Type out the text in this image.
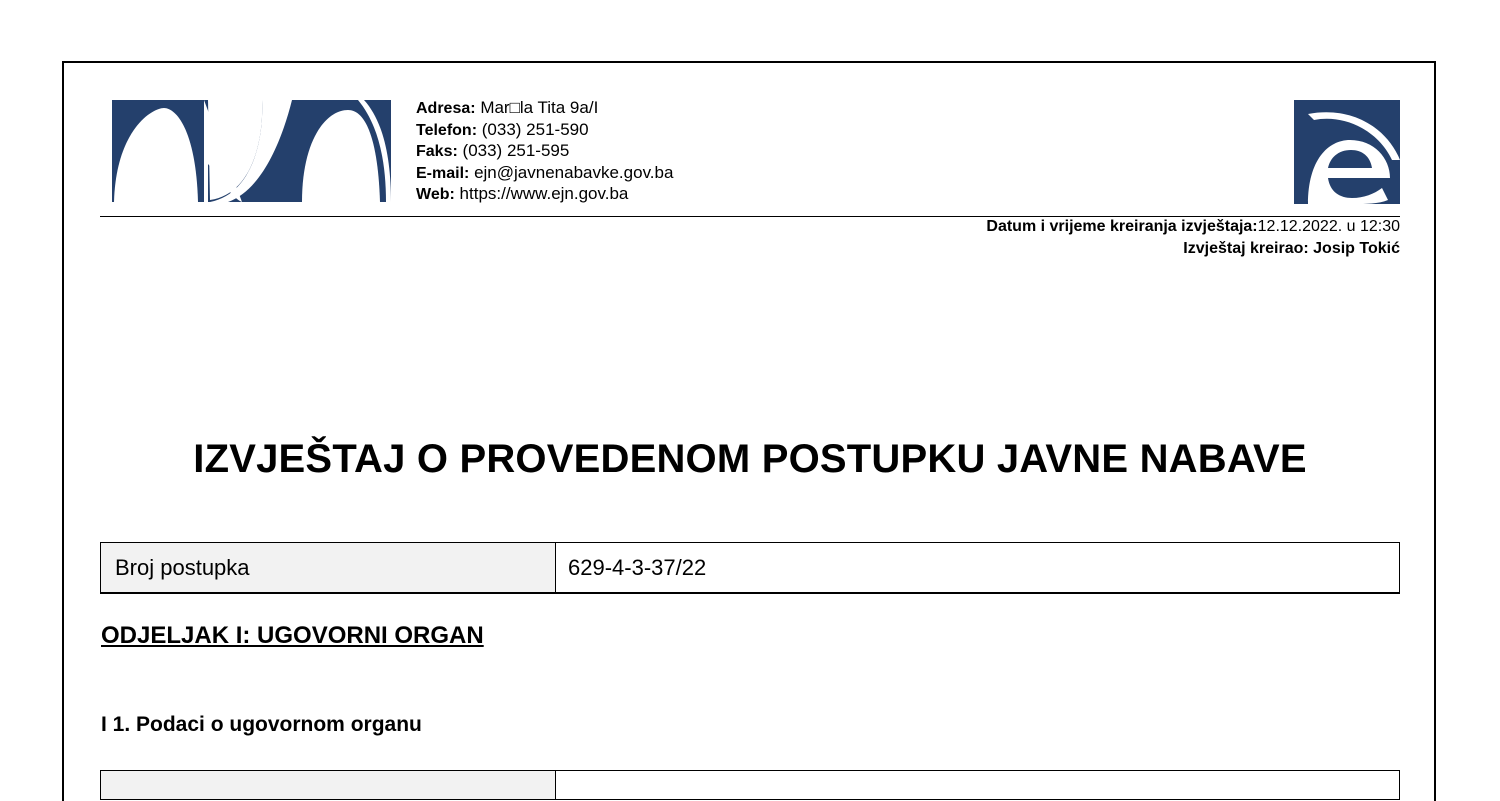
Adresa: Mar□la Tita 9a/I
Telefon: (033) 251-590
Faks: (033) 251-595
E-mail: ejn@javnenabavke.gov.ba
Web: https://www.ejn.gov.ba
Datum i vrijeme kreiranja izvještaja:12.12.2022. u 12:30
Izvještaj kreirao: Josip Tokić
IZVJEŠTAJ O PROVEDENOM POSTUPKU JAVNE NABAVE
Broj postupka	629-4-3-37/22
ODJELJAK I: UGOVORNI ORGAN
I 1. Podaci o ugovornom organu
